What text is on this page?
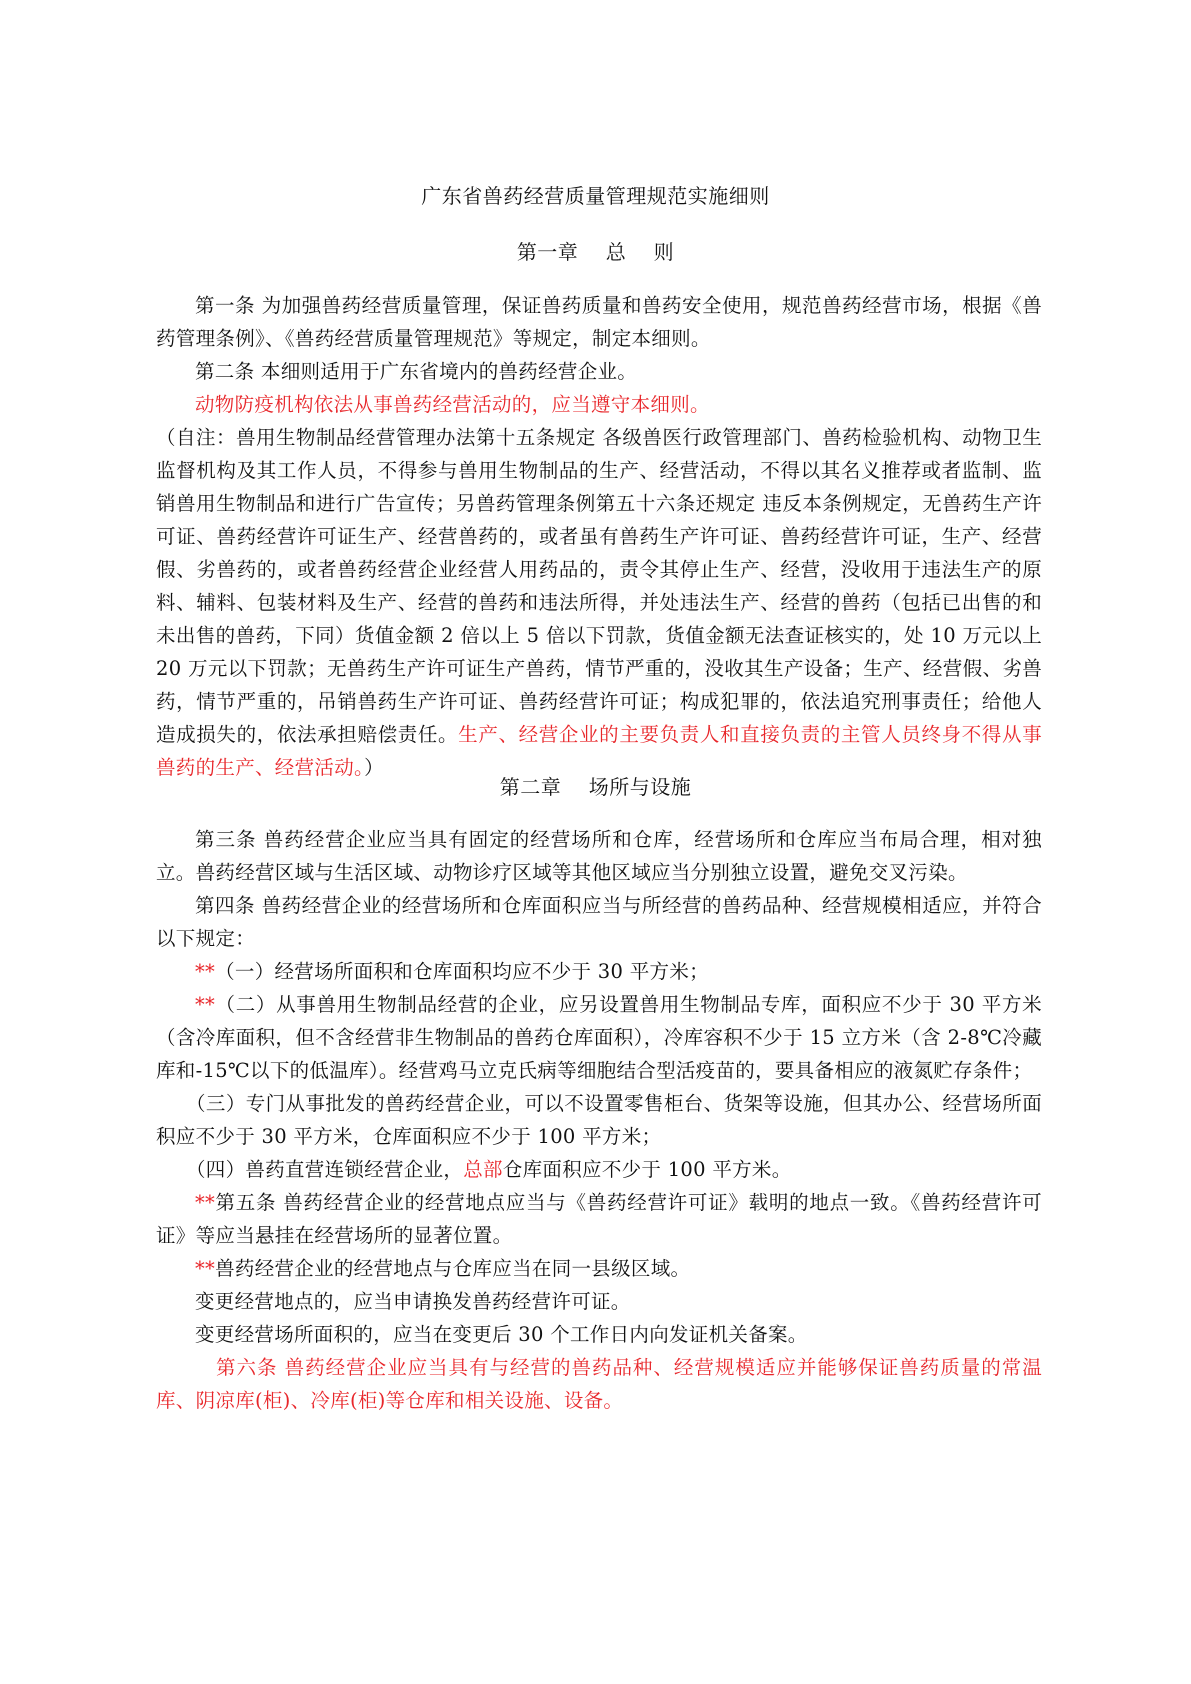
广东省兽药经营质量管理规范实施细则
第一章    总    则

第一条 为加强兽药经营质量管理，保证兽药质量和兽药安全使用，规范兽药经营市场，根据《兽药管理条例》、《兽药经营质量管理规范》等规定，制定本细则。

第二条 本细则适用于广东省境内的兽药经营企业。

动物防疫机构依法从事兽药经营活动的，应当遵守本细则。

（自注：兽用生物制品经营管理办法第十五条规定 各级兽医行政管理部门、兽药检验机构、动物卫生监督机构及其工作人员，不得参与兽用生物制品的生产、经营活动，不得以其名义推荐或者监制、监销兽用生物制品和进行广告宣传；另兽药管理条例第五十六条还规定 违反本条例规定，无兽药生产许可证、兽药经营许可证生产、经营兽药的，或者虽有兽药生产许可证、兽药经营许可证，生产、经营假、劣兽药的，或者兽药经营企业经营人用药品的，责令其停止生产、经营，没收用于违法生产的原料、辅料、包装材料及生产、经营的兽药和违法所得，并处违法生产、经营的兽药（包括已出售的和未出售的兽药，下同）货值金额 2 倍以上 5 倍以下罚款，货值金额无法查证核实的，处 10 万元以上 20 万元以下罚款；无兽药生产许可证生产兽药，情节严重的，没收其生产设备；生产、经营假、劣兽药，情节严重的，吊销兽药生产许可证、兽药经营许可证；构成犯罪的，依法追究刑事责任；给他人造成损失的，依法承担赔偿责任。生产、经营企业的主要负责人和直接负责的主管人员终身不得从事兽药的生产、经营活动。）

第二章    场所与设施

第三条 兽药经营企业应当具有固定的经营场所和仓库，经营场所和仓库应当布局合理，相对独立。兽药经营区域与生活区域、动物诊疗区域等其他区域应当分别独立设置，避免交叉污染。

第四条 兽药经营企业的经营场所和仓库面积应当与所经营的兽药品种、经营规模相适应，并符合以下规定：

**（一）经营场所面积和仓库面积均应不少于 30 平方米；

**（二）从事兽用生物制品经营的企业，应另设置兽用生物制品专库，面积应不少于 30 平方米（含冷库面积，但不含经营非生物制品的兽药仓库面积），冷库容积不少于 15 立方米（含 2-8℃冷藏库和-15℃以下的低温库）。经营鸡马立克氏病等细胞结合型活疫苗的，要具备相应的液氮贮存条件；

（三）专门从事批发的兽药经营企业，可以不设置零售柜台、货架等设施，但其办公、经营场所面积应不少于 30 平方米，仓库面积应不少于 100 平方米；

（四）兽药直营连锁经营企业，总部仓库面积应不少于 100 平方米。

**第五条 兽药经营企业的经营地点应当与《兽药经营许可证》载明的地点一致。《兽药经营许可证》等应当悬挂在经营场所的显著位置。

**兽药经营企业的经营地点与仓库应当在同一县级区域。

变更经营地点的，应当申请换发兽药经营许可证。

变更经营场所面积的，应当在变更后 30 个工作日内向发证机关备案。

第六条 兽药经营企业应当具有与经营的兽药品种、经营规模适应并能够保证兽药质量的常温库、阴凉库(柜)、冷库(柜)等仓库和相关设施、设备。
